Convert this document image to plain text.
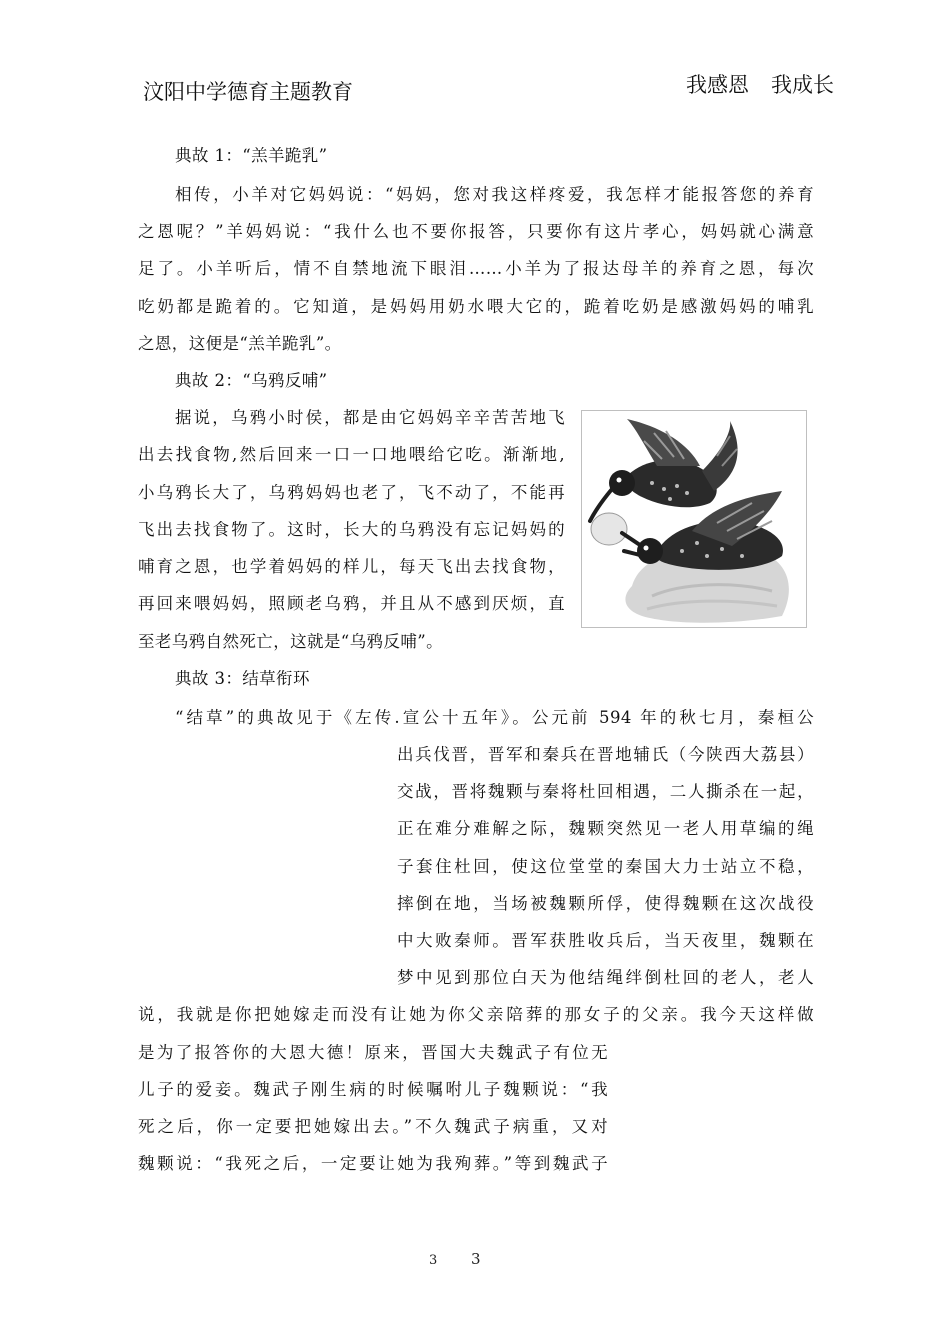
汶阳中学德育主题教育	我感恩 我成长
典故 1：“羔羊跪乳”
相传，小羊对它妈妈说：“妈妈，您对我这样疼爱，我怎样才能报答您的养育
之恩呢？”羊妈妈说：“我什么也不要你报答，只要你有这片孝心，妈妈就心满意
足了。小羊听后，情不自禁地流下眼泪……小羊为了报达母羊的养育之恩，每次
吃奶都是跪着的。它知道，是妈妈用奶水喂大它的，跪着吃奶是感激妈妈的哺乳
之恩，这便是“羔羊跪乳”。
典故 2：“乌鸦反哺”
据说，乌鸦小时侯，都是由它妈妈辛辛苦苦地飞
出去找食物,然后回来一口一口地喂给它吃。渐渐地,
小乌鸦长大了，乌鸦妈妈也老了，飞不动了，不能再
飞出去找食物了。这时，长大的乌鸦没有忘记妈妈的
哺育之恩，也学着妈妈的样儿，每天飞出去找食物，
再回来喂妈妈，照顾老乌鸦，并且从不感到厌烦，直
至老乌鸦自然死亡，这就是“乌鸦反哺”。
典故 3：结草衔环
“结草”的典故见于《左传.宣公十五年》。公元前 594 年的秋七月，秦桓公
出兵伐晋，晋军和秦兵在晋地辅氏（今陕西大荔县）
交战，晋将魏颗与秦将杜回相遇，二人撕杀在一起，
正在难分难解之际，魏颗突然见一老人用草编的绳
子套住杜回，使这位堂堂的秦国大力士站立不稳，
摔倒在地，当场被魏颗所俘，使得魏颗在这次战役
中大败秦师。晋军获胜收兵后，当天夜里，魏颗在
梦中见到那位白天为他结绳绊倒杜回的老人，老人
说，我就是你把她嫁走而没有让她为你父亲陪葬的那女子的父亲。我今天这样做
是为了报答你的大恩大德！原来，晋国大夫魏武子有位无
儿子的爱妾。魏武子刚生病的时候嘱咐儿子魏颗说：“我
死之后，你一定要把她嫁出去。”不久魏武子病重，又对
魏颗说：“我死之后，一定要让她为我殉葬。”等到魏武子
3 3
